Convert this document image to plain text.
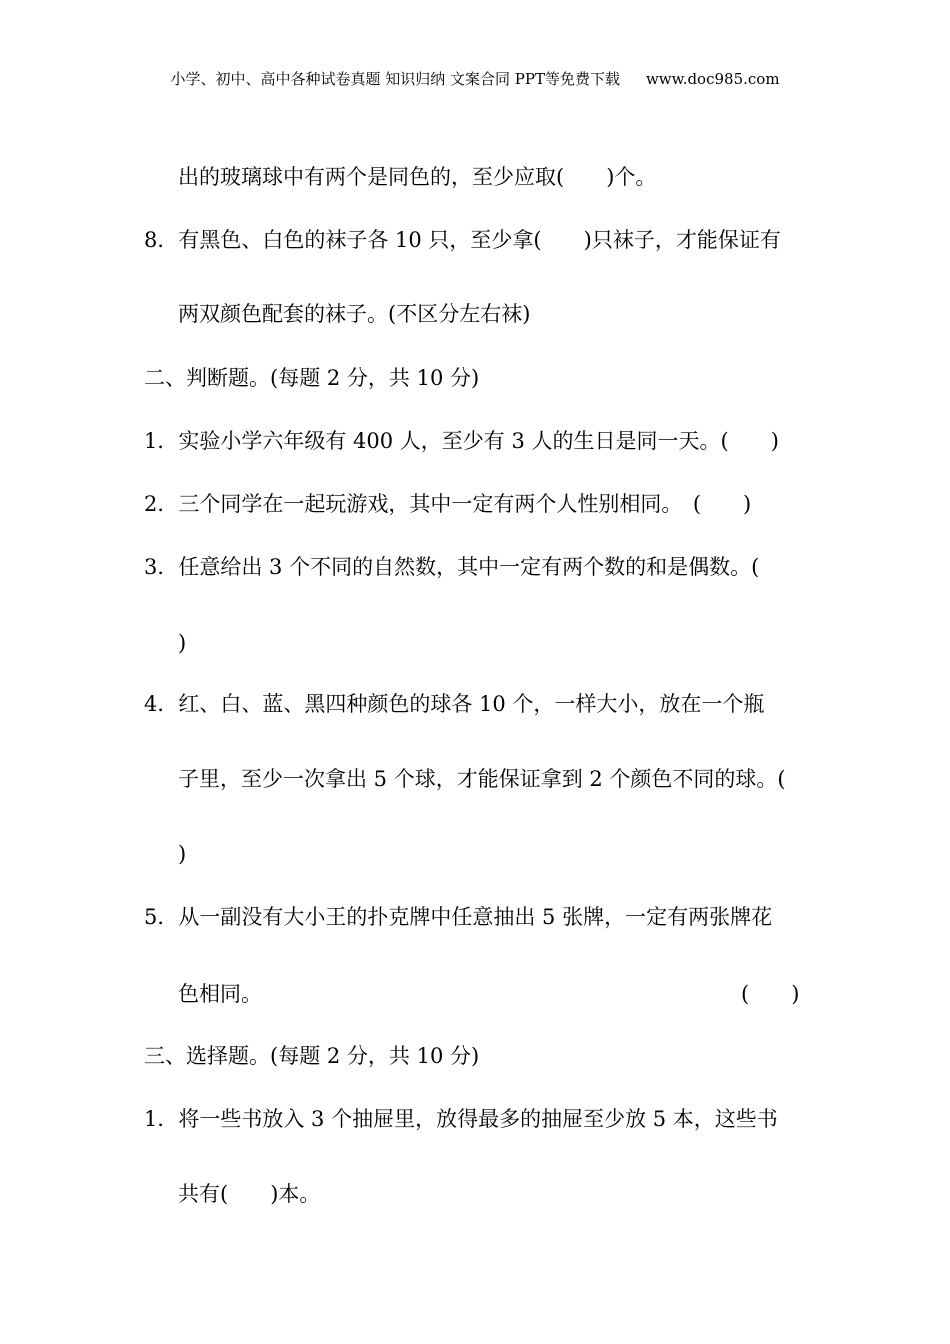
小学、初中、高中各种试卷真题 知识归纳 文案合同 PPT等免费下载 www.doc985.com
出的玻璃球中有两个是同色的，至少应取(　　)个。
8．有黑色、白色的袜子各 10 只，至少拿(　　)只袜子，才能保证有
两双颜色配套的袜子。(不区分左右袜)
二、判断题。(每题 2 分，共 10 分)
1．实验小学六年级有 400 人，至少有 3 人的生日是同一天。(　　)
2．三个同学在一起玩游戏，其中一定有两个人性别相同。　(　　)
3．任意给出 3 个不同的自然数，其中一定有两个数的和是偶数。(
)
4．红、白、蓝、黑四种颜色的球各 10 个，一样大小，放在一个瓶
子里，至少一次拿出 5 个球，才能保证拿到 2 个颜色不同的球。(
)
5．从一副没有大小王的扑克牌中任意抽出 5 张牌，一定有两张牌花
色相同。	(　　)
三、选择题。(每题 2 分，共 10 分)
1．将一些书放入 3 个抽屉里，放得最多的抽屉至少放 5 本，这些书
共有(　　)本。
